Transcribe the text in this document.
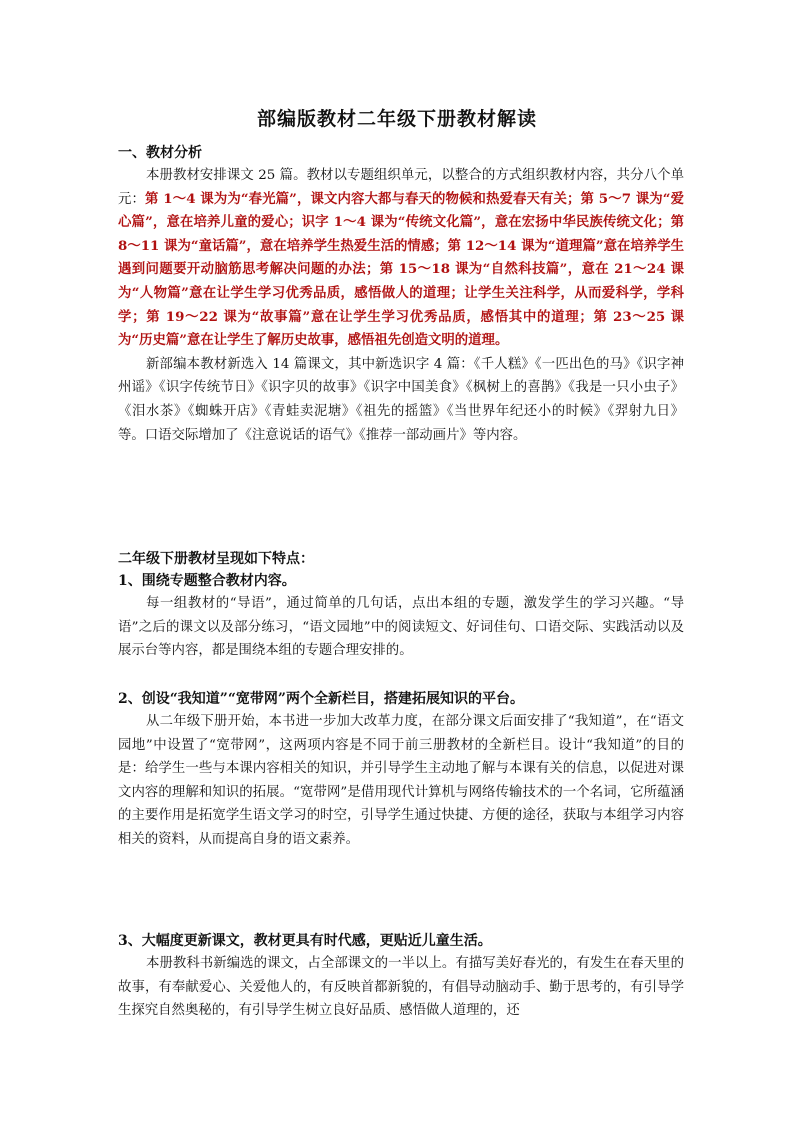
部编版教材二年级下册教材解读
一、教材分析
本册教材安排课文 25 篇。教材以专题组织单元，以整合的方式组织教材内容，共分八个单元：第 1～4 课为为“春光篇”，课文内容大都与春天的物候和热爱春天有关；第 5～7 课为“爱心篇”，意在培养儿童的爱心；识字 1～4 课为“传统文化篇”，意在宏扬中华民族传统文化；第 8～11 课为“童话篇”，意在培养学生热爱生活的情感；第 12～14 课为“道理篇”意在培养学生遇到问题要开动脑筋思考解决问题的办法；第 15～18 课为“自然科技篇”，意在 21～24 课为“人物篇”意在让学生学习优秀品质，感悟做人的道理；让学生关注科学，从而爱科学，学科学；第 19～22 课为“故事篇”意在让学生学习优秀品质，感悟其中的道理；第 23～25 课为“历史篇”意在让学生了解历史故事，感悟祖先创造文明的道理。
新部编本教材新选入 14 篇课文，其中新选识字 4 篇：《千人糕》《一匹出色的马》《识字神州谣》《识字传统节日》《识字贝的故事》《识字中国美食》《枫树上的喜鹊》《我是一只小虫子》《泪水茶》《蜘蛛开店》《青蛙卖泥塘》《祖先的摇篮》《当世界年纪还小的时候》《羿射九日》等。口语交际增加了《注意说话的语气》《推荐一部动画片》等内容。
二年级下册教材呈现如下特点：
1、围绕专题整合教材内容。
每一组教材的“导语”，通过简单的几句话，点出本组的专题，激发学生的学习兴趣。“导语”之后的课文以及部分练习，“语文园地”中的阅读短文、好词佳句、口语交际、实践活动以及展示台等内容，都是围绕本组的专题合理安排的。
2、创设“我知道”“宽带网”两个全新栏目，搭建拓展知识的平台。
从二年级下册开始，本书进一步加大改革力度，在部分课文后面安排了“我知道”，在“语文园地”中设置了“宽带网”，这两项内容是不同于前三册教材的全新栏目。设计“我知道”的目的是：给学生一些与本课内容相关的知识，并引导学生主动地了解与本课有关的信息，以促进对课文内容的理解和知识的拓展。“宽带网”是借用现代计算机与网络传输技术的一个名词，它所蕴涵的主要作用是拓宽学生语文学习的时空，引导学生通过快捷、方便的途径，获取与本组学习内容相关的资料，从而提高自身的语文素养。
3、大幅度更新课文，教材更具有时代感，更贴近儿童生活。
本册教科书新编选的课文，占全部课文的一半以上。有描写美好春光的，有发生在春天里的故事，有奉献爱心、关爱他人的，有反映首都新貌的，有倡导动脑动手、勤于思考的，有引导学生探究自然奥秘的，有引导学生树立良好品质、感悟做人道理的，还
